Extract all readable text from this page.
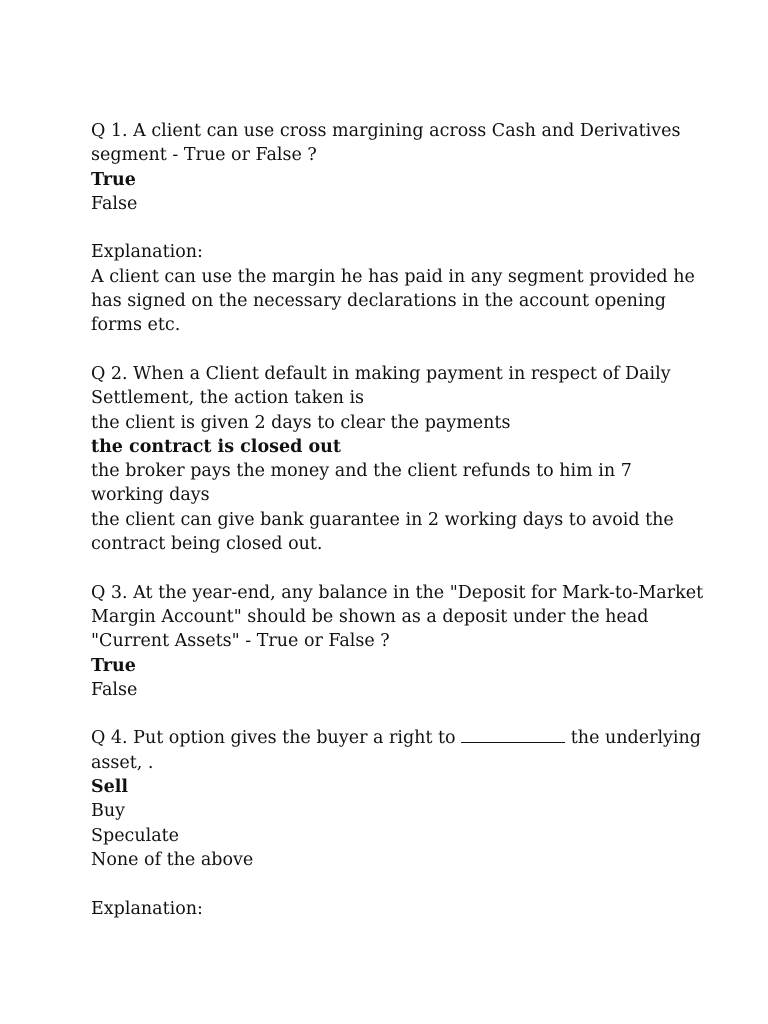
Q 1. A client can use cross margining across Cash and Derivatives
segment - True or False ?
True
False
Explanation:
A client can use the margin he has paid in any segment provided he
has signed on the necessary declarations in the account opening
forms etc.
Q 2. When a Client default in making payment in respect of Daily
Settlement, the action taken is
the client is given 2 days to clear the payments
the contract is closed out
the broker pays the money and the client refunds to him in 7
working days
the client can give bank guarantee in 2 working days to avoid the
contract being closed out.
Q 3. At the year-end, any balance in the "Deposit for Mark-to-Market
Margin Account" should be shown as a deposit under the head
"Current Assets" - True or False ?
True
False
Q 4. Put option gives the buyer a right to	the underlying
asset, .
Sell
Buy
Speculate
None of the above
Explanation:
